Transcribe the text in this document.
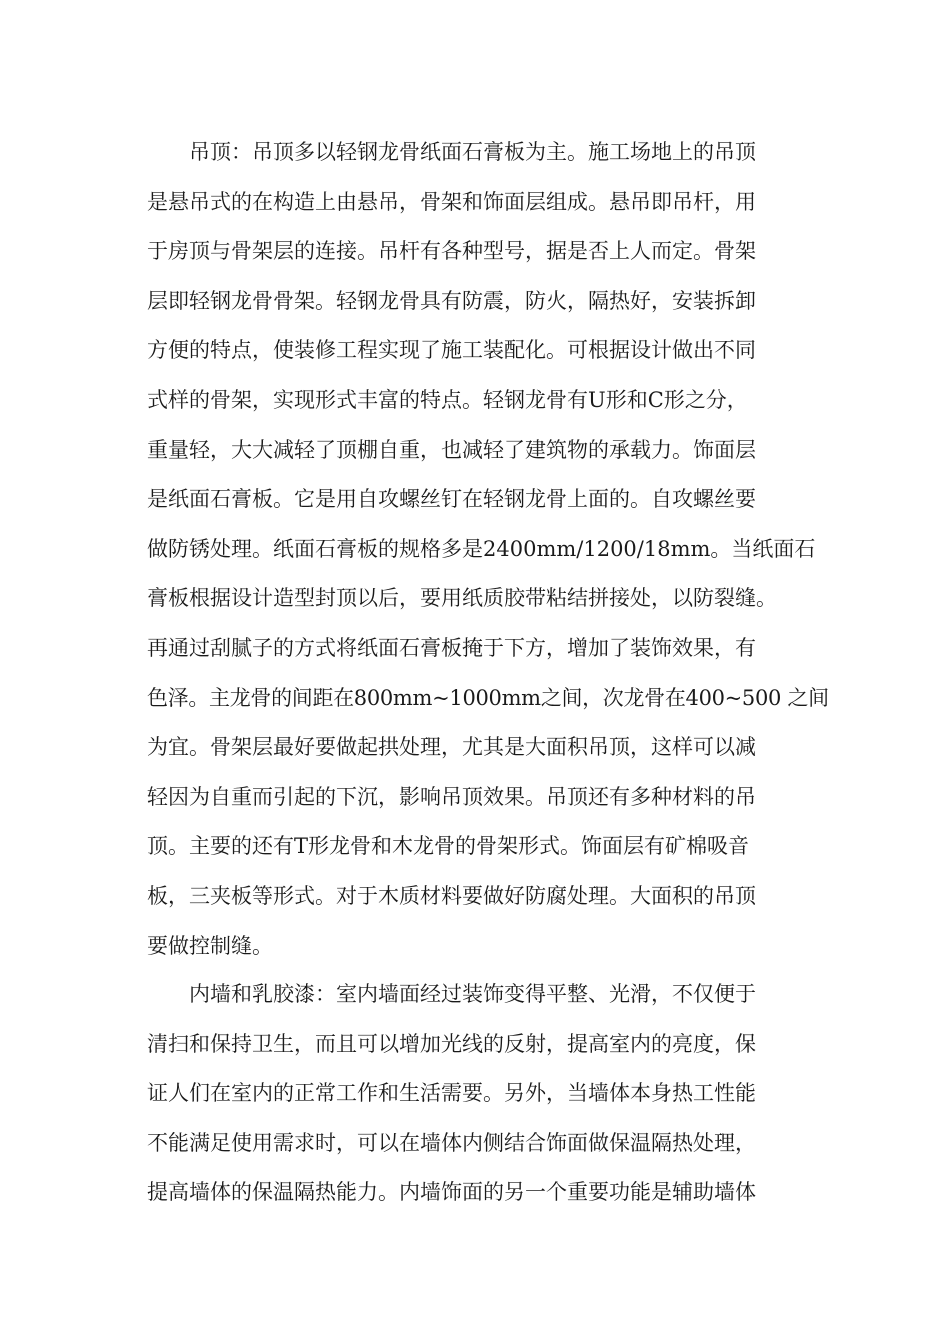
吊顶：吊顶多以轻钢龙骨纸面石膏板为主。施工场地上的吊顶
是悬吊式的在构造上由悬吊，骨架和饰面层组成。悬吊即吊杆，用
于房顶与骨架层的连接。吊杆有各种型号，据是否上人而定。骨架
层即轻钢龙骨骨架。轻钢龙骨具有防震，防火，隔热好，安装拆卸
方便的特点，使装修工程实现了施工装配化。可根据设计做出不同
式样的骨架，实现形式丰富的特点。轻钢龙骨有U形和C形之分，
重量轻，大大减轻了顶棚自重，也减轻了建筑物的承载力。饰面层
是纸面石膏板。它是用自攻螺丝钉在轻钢龙骨上面的。自攻螺丝要
做防锈处理。纸面石膏板的规格多是2400mm/1200/18mm。当纸面石
膏板根据设计造型封顶以后，要用纸质胶带粘结拼接处，以防裂缝。
再通过刮腻子的方式将纸面石膏板掩于下方，增加了装饰效果，有
色泽。主龙骨的间距在800mm~1000mm之间，次龙骨在400~500 之间
为宜。骨架层最好要做起拱处理，尤其是大面积吊顶，这样可以减
轻因为自重而引起的下沉，影响吊顶效果。吊顶还有多种材料的吊
顶。主要的还有T形龙骨和木龙骨的骨架形式。饰面层有矿棉吸音
板，三夹板等形式。对于木质材料要做好防腐处理。大面积的吊顶
要做控制缝。
内墙和乳胶漆：室内墙面经过装饰变得平整、光滑，不仅便于
清扫和保持卫生，而且可以增加光线的反射，提高室内的亮度，保
证人们在室内的正常工作和生活需要。另外，当墙体本身热工性能
不能满足使用需求时，可以在墙体内侧结合饰面做保温隔热处理，
提高墙体的保温隔热能力。内墙饰面的另一个重要功能是辅助墙体
